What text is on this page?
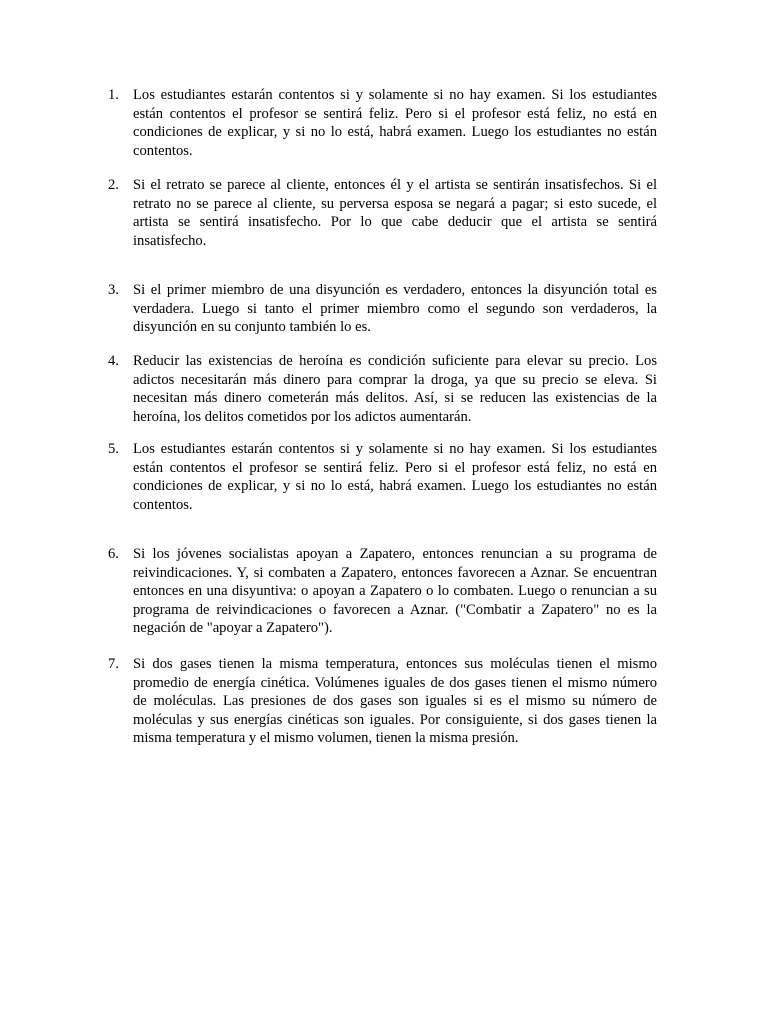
1. Los estudiantes estarán contentos si y solamente si no hay examen. Si los estudiantes están contentos el profesor se sentirá feliz. Pero si el profesor está feliz, no está en condiciones de explicar, y si no lo está, habrá examen. Luego los estudiantes no están contentos.
2. Si el retrato se parece al cliente, entonces él y el artista se sentirán insatisfechos. Si el retrato no se parece al cliente, su perversa esposa se negará a pagar; si esto sucede, el artista se sentirá insatisfecho. Por lo que cabe deducir que el artista se sentirá insatisfecho.
3. Si el primer miembro de una disyunción es verdadero, entonces la disyunción total es verdadera. Luego si tanto el primer miembro como el segundo son verdaderos, la disyunción en su conjunto también lo es.
4. Reducir las existencias de heroína es condición suficiente para elevar su precio. Los adictos necesitarán más dinero para comprar la droga, ya que su precio se eleva. Si necesitan más dinero cometerán más delitos. Así, si se reducen las existencias de la heroína, los delitos cometidos por los adictos aumentarán.
5. Los estudiantes estarán contentos si y solamente si no hay examen. Si los estudiantes están contentos el profesor se sentirá feliz. Pero si el profesor está feliz, no está en condiciones de explicar, y si no lo está, habrá examen. Luego los estudiantes no están contentos.
6. Si los jóvenes socialistas apoyan a Zapatero, entonces renuncian a su programa de reivindicaciones. Y, si combaten a Zapatero, entonces favorecen a Aznar. Se encuentran entonces en una disyuntiva: o apoyan a Zapatero o lo combaten. Luego o renuncian a su programa de reivindicaciones o favorecen a Aznar. ("Combatir a Zapatero" no es la negación de "apoyar a Zapatero").
7. Si dos gases tienen la misma temperatura, entonces sus moléculas tienen el mismo promedio de energía cinética. Volúmenes iguales de dos gases tienen el mismo número de moléculas. Las presiones de dos gases son iguales si es el mismo su número de moléculas y sus energías cinéticas son iguales. Por consiguiente, si dos gases tienen la misma temperatura y el mismo volumen, tienen la misma presión.
